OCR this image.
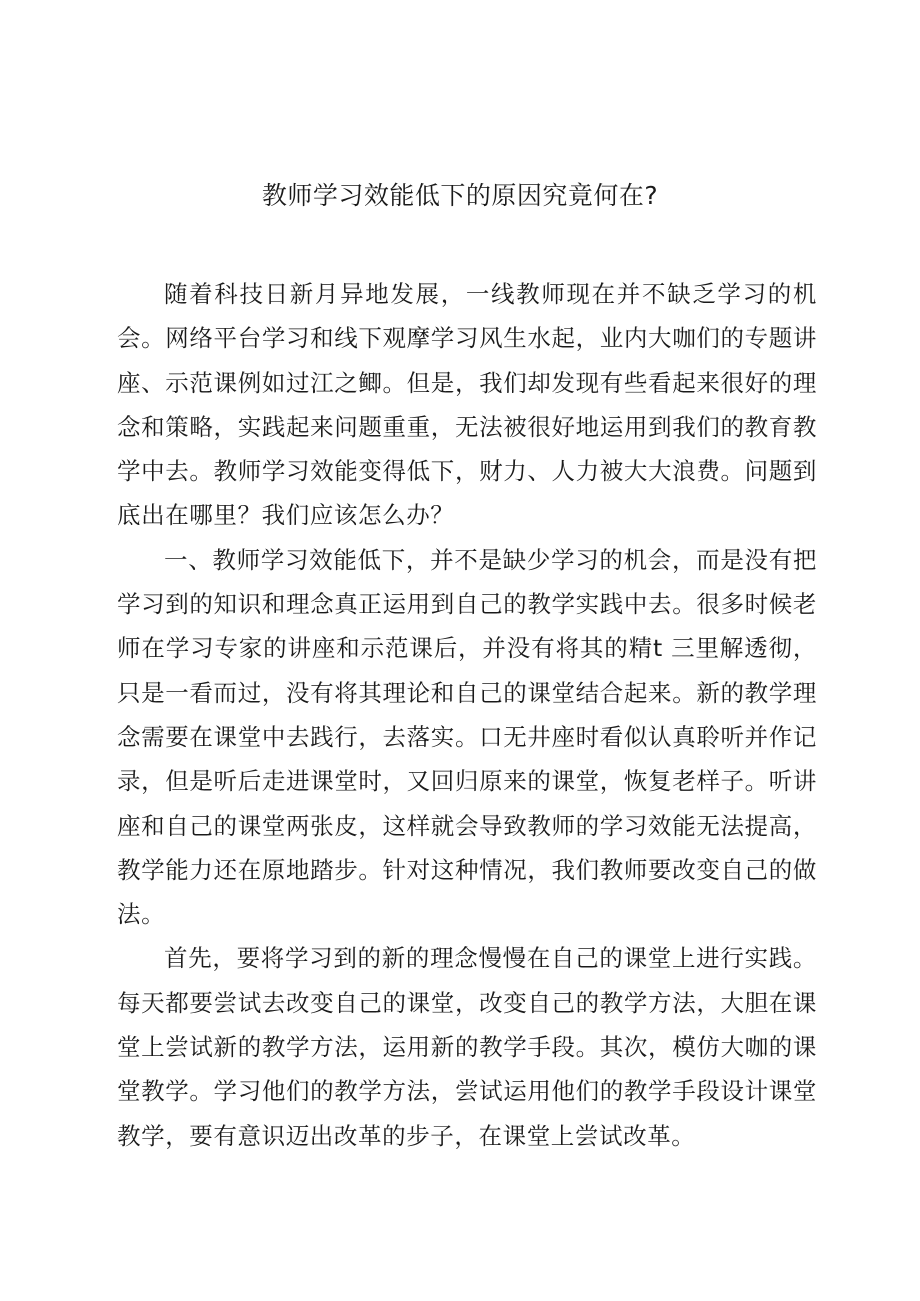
教师学习效能低下的原因究竟何在?

随着科技日新月异地发展，一线教师现在并不缺乏学习的机会。网络平台学习和线下观摩学习风生水起，业内大咖们的专题讲座、示范课例如过江之鲫。但是，我们却发现有些看起来很好的理念和策略，实践起来问题重重，无法被很好地运用到我们的教育教学中去。教师学习效能变得低下，财力、人力被大大浪费。问题到底出在哪里？我们应该怎么办？

一、教师学习效能低下，并不是缺少学习的机会，而是没有把学习到的知识和理念真正运用到自己的教学实践中去。很多时候老师在学习专家的讲座和示范课后，并没有将其的精t 三里解透彻，只是一看而过，没有将其理论和自己的课堂结合起来。新的教学理念需要在课堂中去践行，去落实。口无井座时看似认真聆听并作记录，但是听后走进课堂时，又回归原来的课堂，恢复老样子。听讲座和自己的课堂两张皮，这样就会导致教师的学习效能无法提高，教学能力还在原地踏步。针对这种情况，我们教师要改变自己的做法。

首先，要将学习到的新的理念慢慢在自己的课堂上进行实践。每天都要尝试去改变自己的课堂，改变自己的教学方法，大胆在课堂上尝试新的教学方法，运用新的教学手段。其次，模仿大咖的课堂教学。学习他们的教学方法，尝试运用他们的教学手段设计课堂教学，要有意识迈出改革的步子，在课堂上尝试改革。
